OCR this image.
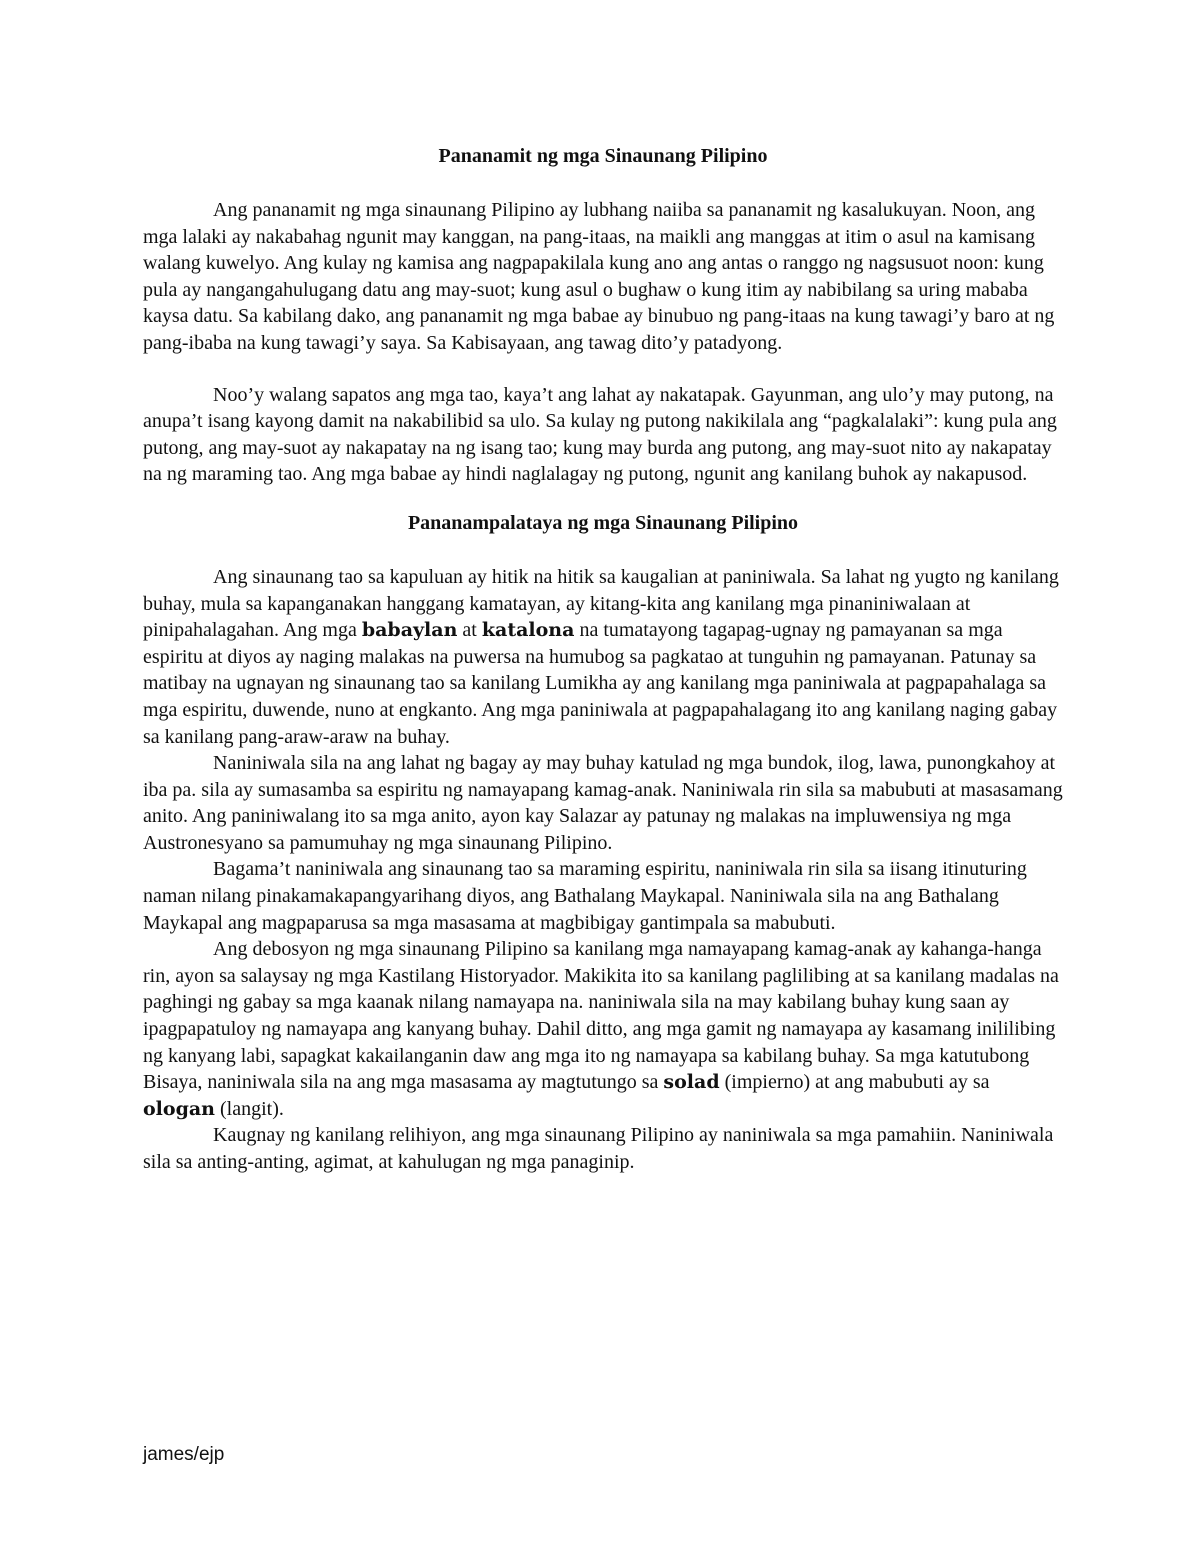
Pananamit ng mga Sinaunang Pilipino

Ang pananamit ng mga sinaunang Pilipino ay lubhang naiiba sa pananamit ng kasalukuyan. Noon, ang mga lalaki ay nakabahag ngunit may kanggan, na pang-itaas, na maikli ang manggas at itim o asul na kamisang walang kuwelyo. Ang kulay ng kamisa ang nagpapakilala kung ano ang antas o ranggo ng nagsusuot noon: kung pula ay nangangahulugang datu ang may-suot; kung asul o bughaw o kung itim ay nabibilang sa uring mababa kaysa datu. Sa kabilang dako, ang pananamit ng mga babae ay binubuo ng pang-itaas na kung tawagi’y baro at ng pang-ibaba na kung tawagi’y saya. Sa Kabisayaan, ang tawag dito’y patadyong.

Noo’y walang sapatos ang mga tao, kaya’t ang lahat ay nakatapak. Gayunman, ang ulo’y may putong, na anupa’t isang kayong damit na nakabilibid sa ulo. Sa kulay ng putong nakikilala ang “pagkalalaki”: kung pula ang putong, ang may-suot ay nakapatay na ng isang tao; kung may burda ang putong, ang may-suot nito ay nakapatay na ng maraming tao. Ang mga babae ay hindi naglalagay ng putong, ngunit ang kanilang buhok ay nakapusod.

Pananampalataya ng mga Sinaunang Pilipino

Ang sinaunang tao sa kapuluan ay hitik na hitik sa kaugalian at paniniwala. Sa lahat ng yugto ng kanilang buhay, mula sa kapanganakan hanggang kamatayan, ay kitang-kita ang kanilang mga pinaniniwalaan at pinipahalagahan. Ang mga babaylan at katalona na tumatayong tagapag-ugnay ng pamayanan sa mga espiritu at diyos ay naging malakas na puwersa na humubog sa pagkatao at tunguhin ng pamayanan. Patunay sa matibay na ugnayan ng sinaunang tao sa kanilang Lumikha ay ang kanilang mga paniniwala at pagpapahalaga sa mga espiritu, duwende, nuno at engkanto. Ang mga paniniwala at pagpapahalagang ito ang kanilang naging gabay sa kanilang pang-araw-araw na buhay.

Naniniwala sila na ang lahat ng bagay ay may buhay katulad ng mga bundok, ilog, lawa, punongkahoy at iba pa. sila ay sumasamba sa espiritu ng namayapang kamag-anak. Naniniwala rin sila sa mabubuti at masasamang anito. Ang paniniwalang ito sa mga anito, ayon kay Salazar ay patunay ng malakas na impluwensiya ng mga Austronesyano sa pamumuhay ng mga sinaunang Pilipino.

Bagama’t naniniwala ang sinaunang tao sa maraming espiritu, naniniwala rin sila sa iisang itinuturing naman nilang pinakamakapangyarihang diyos, ang Bathalang Maykapal. Naniniwala sila na ang Bathalang Maykapal ang magpaparusa sa mga masasama at magbibigay gantimpala sa mabubuti.

Ang debosyon ng mga sinaunang Pilipino sa kanilang mga namayapang kamag-anak ay kahanga-hanga rin, ayon sa salaysay ng mga Kastilang Historyador. Makikita ito sa kanilang paglilibing at sa kanilang madalas na paghingi ng gabay sa mga kaanak nilang namayapa na. naniniwala sila na may kabilang buhay kung saan ay ipagpapatuloy ng namayapa ang kanyang buhay. Dahil ditto, ang mga gamit ng namayapa ay kasamang inililibing ng kanyang labi, sapagkat kakailanganin daw ang mga ito ng namayapa sa kabilang buhay. Sa mga katutubong Bisaya, naniniwala sila na ang mga masasama ay magtutungo sa solad (impierno) at ang mabubuti ay sa ologan (langit).

Kaugnay ng kanilang relihiyon, ang mga sinaunang Pilipino ay naniniwala sa mga pamahiin. Naniniwala sila sa anting-anting, agimat, at kahulugan ng mga panaginip.

james/ejp
